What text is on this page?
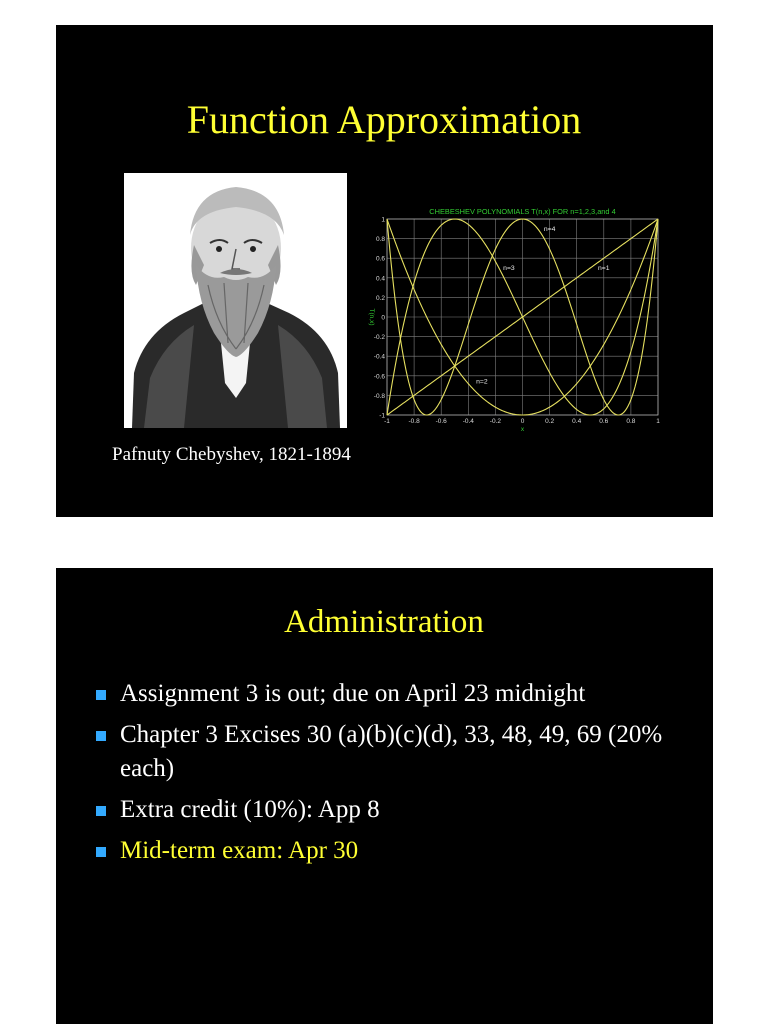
Function Approximation
Pafnuty Chebyshev, 1821-1894
CHEBESHEV POLYNOMIALS T(n,x) FOR n=1,2,3,and 4
1
0.8
0.6
0.4
0.2
0
-0.2
-0.4
-0.6
-0.8
-1
-1	-0.8 -0.6 -0.4 -0.2	0	0.2	0.4	0.6	0.8	1
x
T(n,x)
n=1
n=2
n=3
n=4
Administration
Assignment 3 is out; due on April 23 midnight
Chapter 3 Excises 30 (a)(b)(c)(d), 33, 48, 49, 69 (20% each)
Extra credit (10%): App 8
Mid-term exam: Apr 30
